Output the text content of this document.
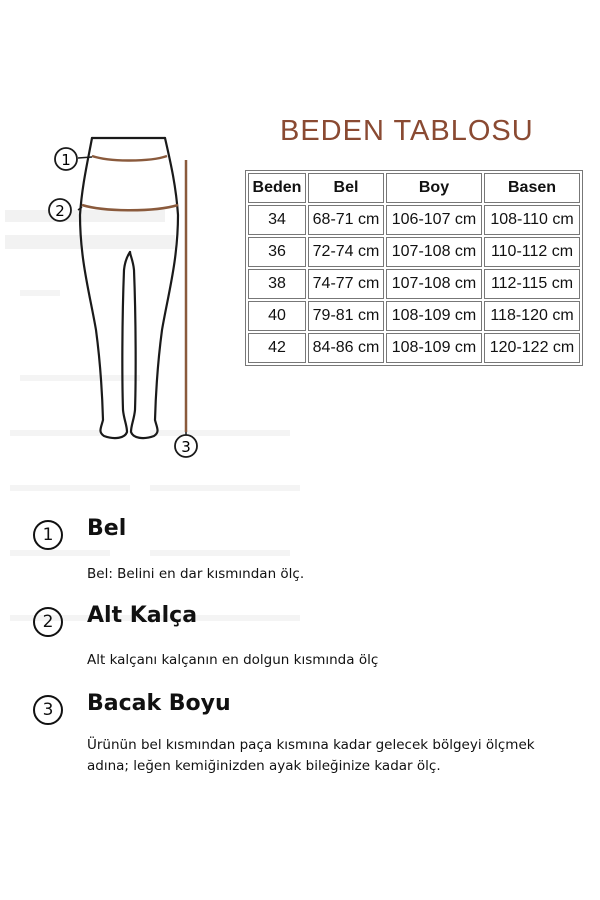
BEDEN TABLOSU
1
2
3
Beden	Bel	Boy	Basen
34	68-71 cm	106-107 cm	108-110 cm
36	72-74 cm	107-108 cm	110-112 cm
38	74-77 cm	107-108 cm	112-115 cm
40	79-81 cm	108-109 cm	118-120 cm
42	84-86 cm	108-109 cm	120-122 cm
1	Bel
Bel: Belini en dar kısmından ölç.
2	Alt Kalça
Alt kalçanı kalçanın en dolgun kısmında ölç
3	Bacak Boyu
Ürünün bel kısmından paça kısmına kadar gelecek bölgeyi ölçmek adına; leğen kemiğinizden ayak bileğinize kadar ölç.
